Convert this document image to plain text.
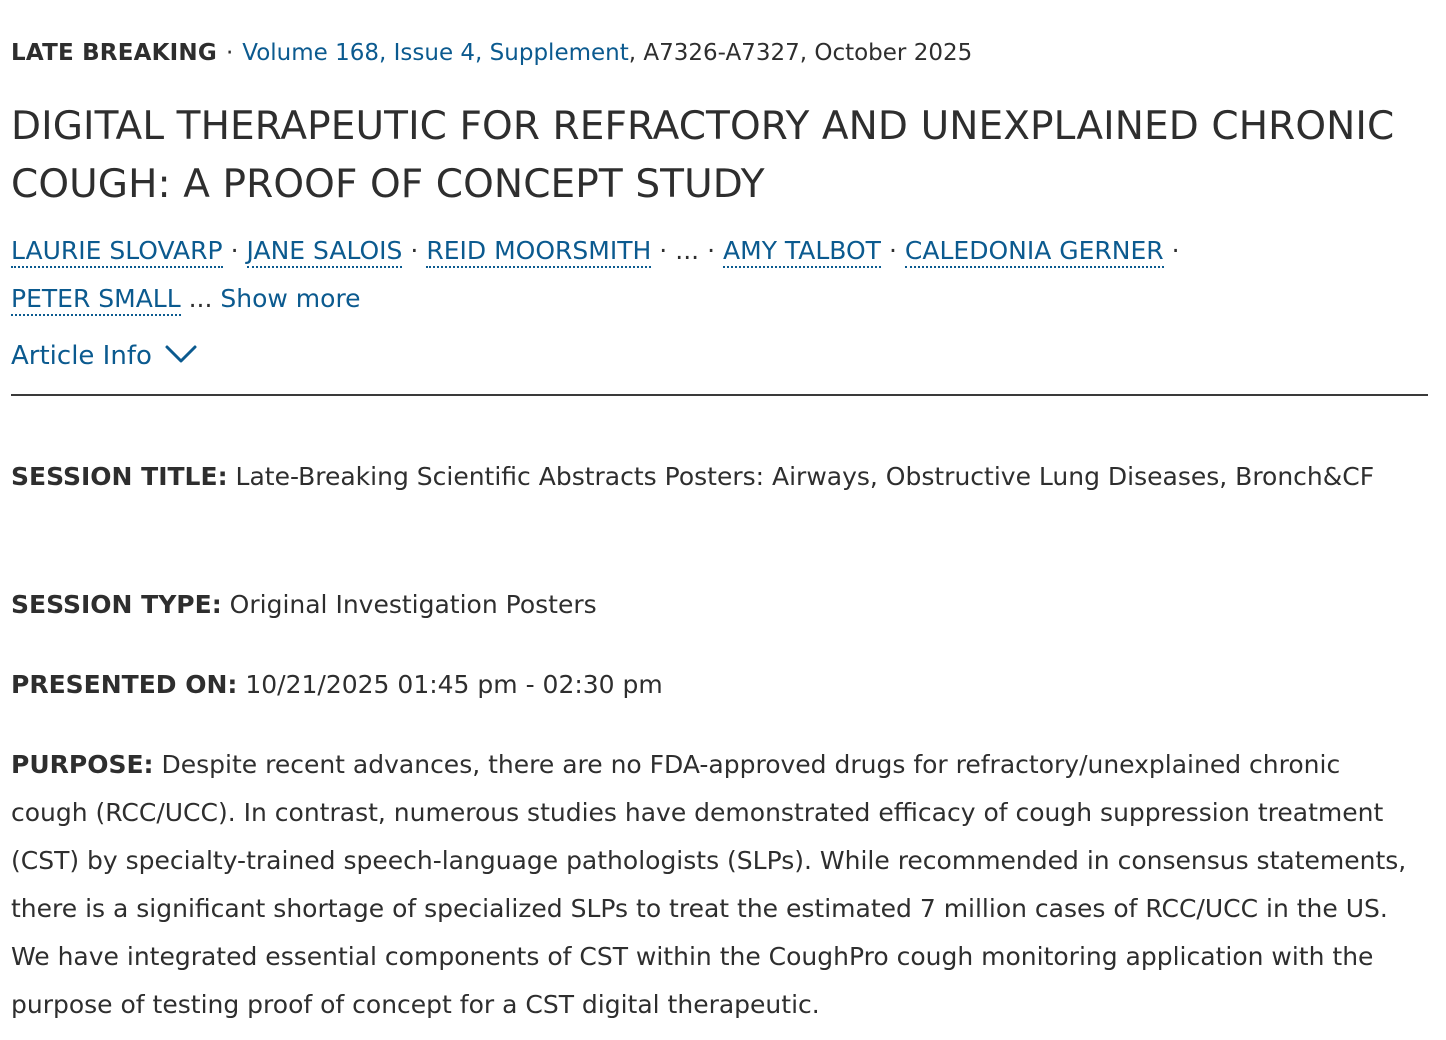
LATE BREAKING · Volume 168, Issue 4, Supplement, A7326-A7327, October 2025
DIGITAL THERAPEUTIC FOR REFRACTORY AND UNEXPLAINED CHRONIC COUGH: A PROOF OF CONCEPT STUDY
LAURIE SLOVARP · JANE SALOIS · REID MOORSMITH · ... · AMY TALBOT · CALEDONIA GERNER ·
PETER SMALL ... Show more
Article Info

SESSION TITLE: Late-Breaking Scientific Abstracts Posters: Airways, Obstructive Lung Diseases, Bronch&CF

SESSION TYPE: Original Investigation Posters

PRESENTED ON: 10/21/2025 01:45 pm - 02:30 pm

PURPOSE: Despite recent advances, there are no FDA-approved drugs for refractory/unexplained chronic cough (RCC/UCC). In contrast, numerous studies have demonstrated efficacy of cough suppression treatment (CST) by specialty-trained speech-language pathologists (SLPs). While recommended in consensus statements, there is a significant shortage of specialized SLPs to treat the estimated 7 million cases of RCC/UCC in the US. We have integrated essential components of CST within the CoughPro cough monitoring application with the purpose of testing proof of concept for a CST digital therapeutic.
